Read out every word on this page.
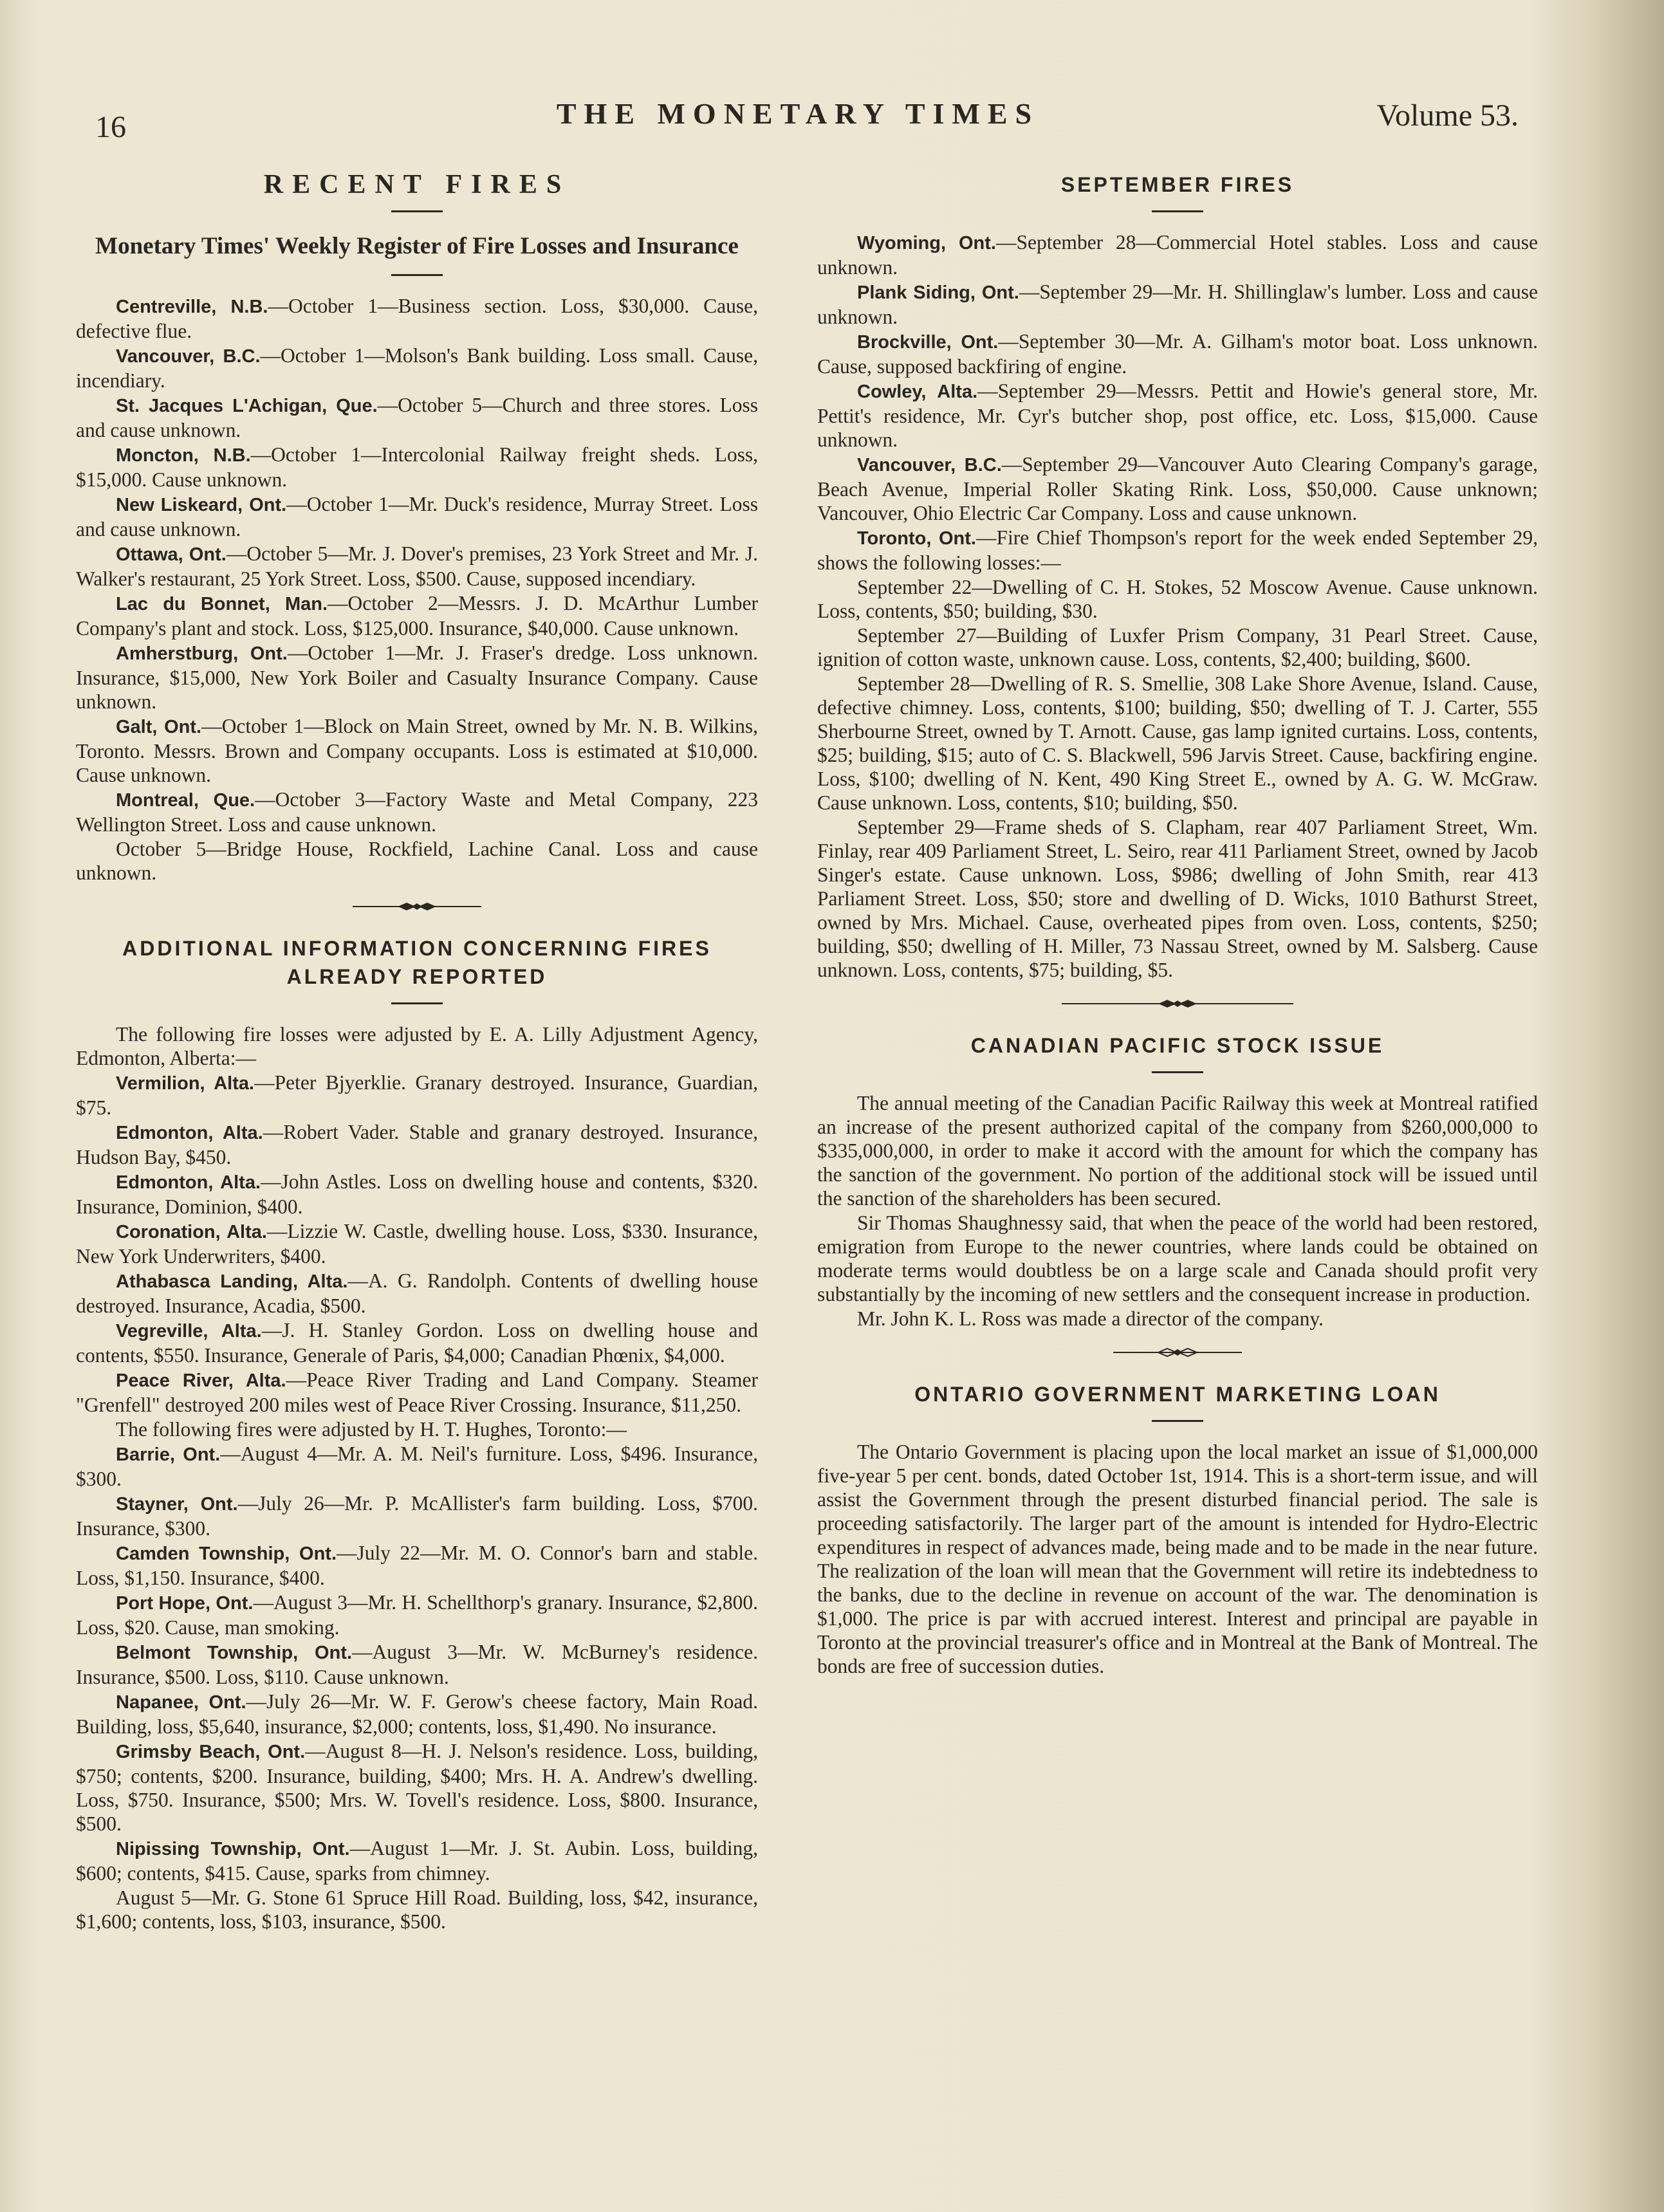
16	THE MONETARY TIMES	Volume 53.
RECENT FIRES
Monetary Times' Weekly Register of Fire Losses and Insurance

Centreville, N.B.—October 1—Business section. Loss, $30,000. Cause, defective flue.

Vancouver, B.C.—October 1—Molson's Bank building. Loss small. Cause, incendiary.

St. Jacques L'Achigan, Que.—October 5—Church and three stores. Loss and cause unknown.

Moncton, N.B.—October 1—Intercolonial Railway freight sheds. Loss, $15,000. Cause unknown.

New Liskeard, Ont.—October 1—Mr. Duck's residence, Murray Street. Loss and cause unknown.

Ottawa, Ont.—October 5—Mr. J. Dover's premises, 23 York Street and Mr. J. Walker's restaurant, 25 York Street. Loss, $500. Cause, supposed incendiary.

Lac du Bonnet, Man.—October 2—Messrs. J. D. McArthur Lumber Company's plant and stock. Loss, $125,000. Insurance, $40,000. Cause unknown.

Amherstburg, Ont.—October 1—Mr. J. Fraser's dredge. Loss unknown. Insurance, $15,000, New York Boiler and Casualty Insurance Company. Cause unknown.

Galt, Ont.—October 1—Block on Main Street, owned by Mr. N. B. Wilkins, Toronto. Messrs. Brown and Company occupants. Loss is estimated at $10,000. Cause unknown.

Montreal, Que.—October 3—Factory Waste and Metal Company, 223 Wellington Street. Loss and cause unknown.

October 5—Bridge House, Rockfield, Lachine Canal. Loss and cause unknown.

ADDITIONAL INFORMATION CONCERNING FIRES
ALREADY REPORTED

The following fire losses were adjusted by E. A. Lilly Adjustment Agency, Edmonton, Alberta:—

Vermilion, Alta.—Peter Bjyerklie. Granary destroyed. Insurance, Guardian, $75.

Edmonton, Alta.—Robert Vader. Stable and granary destroyed. Insurance, Hudson Bay, $450.

Edmonton, Alta.—John Astles. Loss on dwelling house and contents, $320. Insurance, Dominion, $400.

Coronation, Alta.—Lizzie W. Castle, dwelling house. Loss, $330. Insurance, New York Underwriters, $400.

Athabasca Landing, Alta.—A. G. Randolph. Contents of dwelling house destroyed. Insurance, Acadia, $500.

Vegreville, Alta.—J. H. Stanley Gordon. Loss on dwelling house and contents, $550. Insurance, Generale of Paris, $4,000; Canadian Phœnix, $4,000.

Peace River, Alta.—Peace River Trading and Land Company. Steamer "Grenfell" destroyed 200 miles west of Peace River Crossing. Insurance, $11,250.

The following fires were adjusted by H. T. Hughes, Toronto:—

Barrie, Ont.—August 4—Mr. A. M. Neil's furniture. Loss, $496. Insurance, $300.

Stayner, Ont.—July 26—Mr. P. McAllister's farm building. Loss, $700. Insurance, $300.

Camden Township, Ont.—July 22—Mr. M. O. Connor's barn and stable. Loss, $1,150. Insurance, $400.

Port Hope, Ont.—August 3—Mr. H. Schellthorp's granary. Insurance, $2,800. Loss, $20. Cause, man smoking.

Belmont Township, Ont.—August 3—Mr. W. McBurney's residence. Insurance, $500. Loss, $110. Cause unknown.

Napanee, Ont.—July 26—Mr. W. F. Gerow's cheese factory, Main Road. Building, loss, $5,640, insurance, $2,000; contents, loss, $1,490. No insurance.

Grimsby Beach, Ont.—August 8—H. J. Nelson's residence. Loss, building, $750; contents, $200. Insurance, building, $400; Mrs. H. A. Andrew's dwelling. Loss, $750. Insurance, $500; Mrs. W. Tovell's residence. Loss, $800. Insurance, $500.

Nipissing Township, Ont.—August 1—Mr. J. St. Aubin. Loss, building, $600; contents, $415. Cause, sparks from chimney.

August 5—Mr. G. Stone 61 Spruce Hill Road. Building, loss, $42, insurance, $1,600; contents, loss, $103, insurance, $500.

SEPTEMBER FIRES

Wyoming, Ont.—September 28—Commercial Hotel stables. Loss and cause unknown.

Plank Siding, Ont.—September 29—Mr. H. Shillinglaw's lumber. Loss and cause unknown.

Brockville, Ont.—September 30—Mr. A. Gilham's motor boat. Loss unknown. Cause, supposed backfiring of engine.

Cowley, Alta.—September 29—Messrs. Pettit and Howie's general store, Mr. Pettit's residence, Mr. Cyr's butcher shop, post office, etc. Loss, $15,000. Cause unknown.

Vancouver, B.C.—September 29—Vancouver Auto Clearing Company's garage, Beach Avenue, Imperial Roller Skating Rink. Loss, $50,000. Cause unknown; Vancouver, Ohio Electric Car Company. Loss and cause unknown.

Toronto, Ont.—Fire Chief Thompson's report for the week ended September 29, shows the following losses:—

September 22—Dwelling of C. H. Stokes, 52 Moscow Avenue. Cause unknown. Loss, contents, $50; building, $30.

September 27—Building of Luxfer Prism Company, 31 Pearl Street. Cause, ignition of cotton waste, unknown cause. Loss, contents, $2,400; building, $600.

September 28—Dwelling of R. S. Smellie, 308 Lake Shore Avenue, Island. Cause, defective chimney. Loss, contents, $100; building, $50; dwelling of T. J. Carter, 555 Sherbourne Street, owned by T. Arnott. Cause, gas lamp ignited curtains. Loss, contents, $25; building, $15; auto of C. S. Blackwell, 596 Jarvis Street. Cause, backfiring engine. Loss, $100; dwelling of N. Kent, 490 King Street E., owned by A. G. W. McGraw. Cause unknown. Loss, contents, $10; building, $50.

September 29—Frame sheds of S. Clapham, rear 407 Parliament Street, Wm. Finlay, rear 409 Parliament Street, L. Seiro, rear 411 Parliament Street, owned by Jacob Singer's estate. Cause unknown. Loss, $986; dwelling of John Smith, rear 413 Parliament Street. Loss, $50; store and dwelling of D. Wicks, 1010 Bathurst Street, owned by Mrs. Michael. Cause, overheated pipes from oven. Loss, contents, $250; building, $50; dwelling of H. Miller, 73 Nassau Street, owned by M. Salsberg. Cause unknown. Loss, contents, $75; building, $5.

CANADIAN PACIFIC STOCK ISSUE

The annual meeting of the Canadian Pacific Railway this week at Montreal ratified an increase of the present authorized capital of the company from $260,000,000 to $335,000,000, in order to make it accord with the amount for which the company has the sanction of the government. No portion of the additional stock will be issued until the sanction of the shareholders has been secured.

Sir Thomas Shaughnessy said, that when the peace of the world had been restored, emigration from Europe to the newer countries, where lands could be obtained on moderate terms would doubtless be on a large scale and Canada should profit very substantially by the incoming of new settlers and the consequent increase in production.

Mr. John K. L. Ross was made a director of the company.

ONTARIO GOVERNMENT MARKETING LOAN

The Ontario Government is placing upon the local market an issue of $1,000,000 five-year 5 per cent. bonds, dated October 1st, 1914. This is a short-term issue, and will assist the Government through the present disturbed financial period. The sale is proceeding satisfactorily. The larger part of the amount is intended for Hydro-Electric expenditures in respect of advances made, being made and to be made in the near future. The realization of the loan will mean that the Government will retire its indebtedness to the banks, due to the decline in revenue on account of the war. The denomination is $1,000. The price is par with accrued interest. Interest and principal are payable in Toronto at the provincial treasurer's office and in Montreal at the Bank of Montreal. The bonds are free of succession duties.
